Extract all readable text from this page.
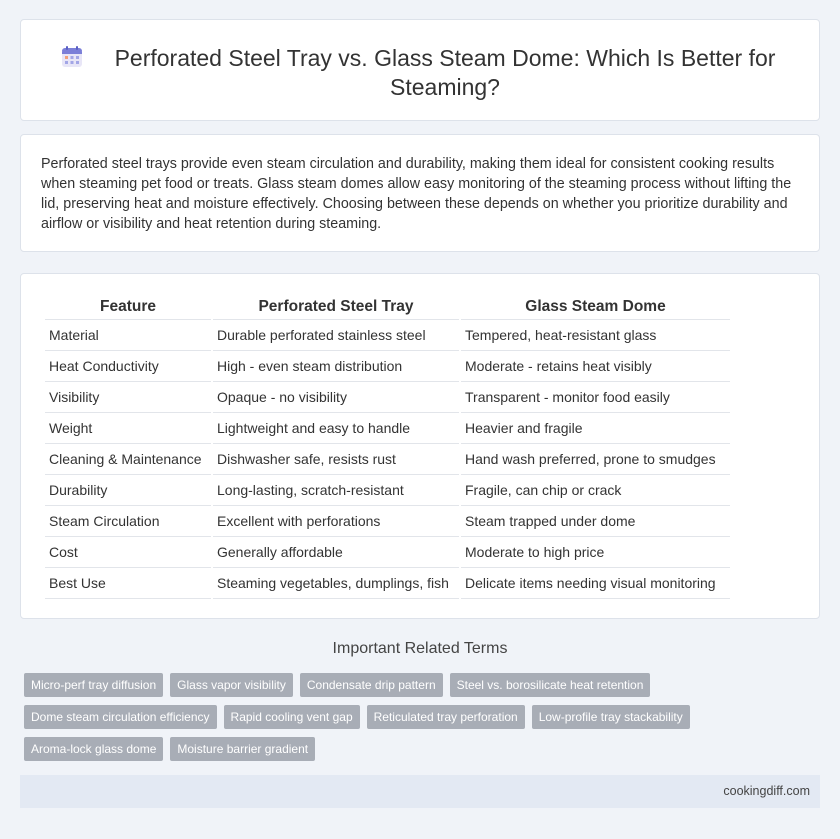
Perforated Steel Tray vs. Glass Steam Dome: Which Is Better for Steaming?

Perforated steel trays provide even steam circulation and durability, making them ideal for consistent cooking results when steaming pet food or treats. Glass steam domes allow easy monitoring of the steaming process without lifting the lid, preserving heat and moisture effectively. Choosing between these depends on whether you prioritize durability and airflow or visibility and heat retention during steaming.

Feature	Perforated Steel Tray	Glass Steam Dome
Material	Durable perforated stainless steel	Tempered, heat-resistant glass
Heat Conductivity	High - even steam distribution	Moderate - retains heat visibly
Visibility	Opaque - no visibility	Transparent - monitor food easily
Weight	Lightweight and easy to handle	Heavier and fragile
Cleaning & Maintenance	Dishwasher safe, resists rust	Hand wash preferred, prone to smudges
Durability	Long-lasting, scratch-resistant	Fragile, can chip or crack
Steam Circulation	Excellent with perforations	Steam trapped under dome
Cost	Generally affordable	Moderate to high price
Best Use	Steaming vegetables, dumplings, fish	Delicate items needing visual monitoring
Important Related Terms
Micro-perf tray diffusion	Glass vapor visibility	Condensate drip pattern	Steel vs. borosilicate heat retention
Dome steam circulation efficiency	Rapid cooling vent gap	Reticulated tray perforation	Low-profile tray stackability
Aroma-lock glass dome	Moisture barrier gradient
cookingdiff.com
